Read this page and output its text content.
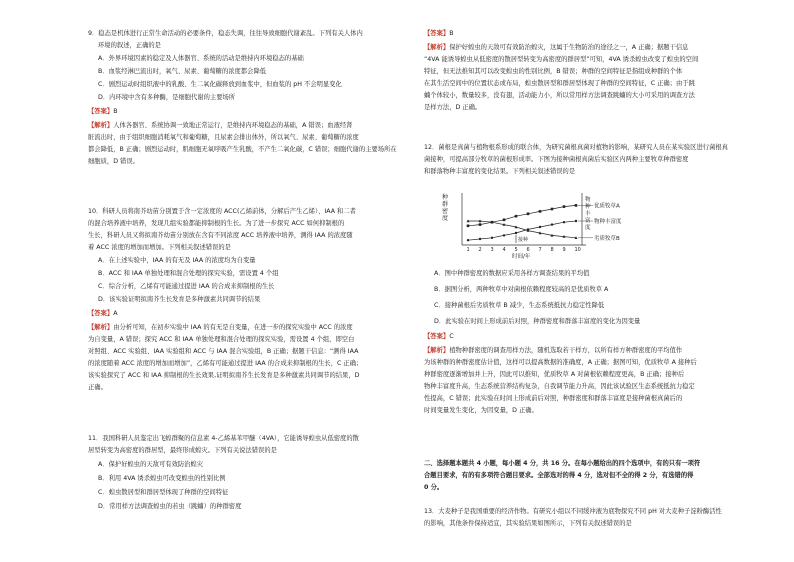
9．稳态是机体进行正常生命活动的必要条件，稳态失调，往往导致细胞代谢紊乱。下列有关人体内
环境的叙述，正确的是
A．外界环境因素的稳定及人体器官、系统的活动是维持内环境稳态的基础
B．血浆经淋巴流出时，氧气、尿素、葡萄糖的浓度都会降低
C．剧烈运动时组织液中的乳酸、生二氧化碳释放到血浆中，但血浆的 pH 不会明显变化
D．内环境中含有多种酶，是细胞代谢的主要场所
【答案】B
【解析】人体各器官、系统协调一致地正常运行，是维持内环境稳态的基础，A 错误；血液经肾
脏流出时，由于组织细胞消耗氧气和葡萄糖，且尿素会排出体外，所以氧气、尿素、葡萄糖的浓度
都会降低，B 正确；剧烈运动时，肌细胞无氧呼吸产生乳酸，不产生二氧化碳，C 错误；细胞代谢的主要场所在
细胞质，D 错误。
10．科研人员将南芥幼苗分别置于含一定浓度的 ACC(乙烯前体，分解后产生乙烯）、IAA 和二者
的混合培养液中培养，发现几组实验都能抑制根的生长。为了进一步探究 ACC 如何抑制根的
生长，科研人员又将拟南芥幼苗分别放在含有不同浓度 ACC 培养液中培养，测得 IAA 的浓度随
着 ACC 浓度的增加而增加。下列相关叙述错误的是
A．在上述实验中，IAA 的有无及 IAA 的浓度均为自变量
B．ACC 和 IAA 单独处理和混合处理的探究实验，需设置 4 个组
C．综合分析，乙烯有可能通过提进 IAA 的合成来抑制根的生长
D．该实验证明拟南芥生长发育是多种激素共同调节的结果
【答案】A
【解析】由分析可知，在初步实验中 IAA 的有无是自变量，在进一步的探究实验中 ACC 的浓度
为自变量，A 错误；探究 ACC 和 IAA 单独处理和混合处理的探究实验，需设置 4 个组，即空白
对照组、ACC 实验组、IAA 实验组和 ACC 与 IAA 混合实验组，B 正确；据题干信息：“测得 IAA
的浓度随着 ACC 浓度的增加而增加”，乙烯有可能通过提进 IAA 的合成来抑制根的生长，C 正确；
该实验探究了 ACC 和 IAA 抑制根的生长效果,证明拟南芥生长发育是多种激素共同调节的结果，D
正确。
11．我国科研人员鉴定出飞蝗群聚的信息素 4-乙烯基苯甲醚（4VA），它能诱导蝗虫从低密度的散
居型转变为高密度的群居型，最终形成蝗灾。下列有关说法错误的是
A．保护好蝗虫的天敌可有效防治蝗灾
B．利用 4VA 诱杀蝗虫可改变蝗虫的性别比例
C．蝗虫散居型和群居型体现了种群的空间特征
D．常用样方法调查蝗虫的若虫（跳蝻）的种群密度
【答案】B
【解析】保护好蝗虫的天敌可有效防治蝗灾，这属于生物防治的途径之一，A 正确；据题干信息
“4VA 能诱导蝗虫从低密度的散居型转变为高密度的群居型”可知，4VA 诱杀蝗虫改变了蝗虫的空间
特征，但无法推知其可以改变蝗虫的性别比例，B 错误；种群的空间特征是指组成种群的个体
在其生活空间中的位置状态或布局，蝗虫散居型和群居型体现了种群的空间特征，C 正确；由于跳
蝻个体较小，数量较多，没有翅，活动能力小，所以常用样方法调查跳蝻的大小可采用的调查方法
是样方法，D 正确。
12．菌根是真菌与植物根系形成的联合体，为研究菌根真菌对植物的影响，某研究人员在某实验区进行菌根真
菌接种，可提高部分牧草的菌根形成率。下图为接种菌根真菌后实验区内两种主要牧草种群密度
和群落物种丰富度的变化结果。下列相关叙述错误的是
种
群
密
度
物
种
丰
富
度
1 2 3 4 5 6 7 8 9 10
时间/年
接种
优质牧草A
劣质牧草B
物种丰富度
A．图中种群密度的数据应采用各样方调查结果的平均值
B．据图分析，两种牧草中对菌根依赖程度较高的是优质牧草 A
C．接种菌根后劣质牧草 B 减少，生态系统抵抗力稳定性降低
D．此实验在时间上形成前后对照，种群密度和群落丰富度的变化为因变量
【答案】C
【解析】植物种群密度的调查用样方法，随机选取若干样方，以所有样方种群密度的平均值作
为该种群的种群密度估计值，这样可以提高数据的准确度，A 正确；据图可知，优质牧草 A 接种后
种群密度逐渐增加并上升，因此可以推知，优质牧草 A 对菌根依赖程度更高，B 正确；接种后
物种丰富度升高，生态系统营养结构复杂，自我调节能力升高，因此该试验区生态系统抵抗力稳定
性提高，C 错误；此实验在时间上形成前后对照，种群密度和群落丰富度是接种菌根真菌后的
时间变量发生变化，为因变量，D 正确。
二、选择题本题共 4 小题，每小题 4 分，共 16 分。在每小题给出的四个选项中，有的只有一项符
合题目要求，有的有多项符合题目要求。全部选对的得 4 分，选对但不全的得 2 分，有选错的得
0 分。
13．大麦种子是我国重要的经济作物。有研究小组以不同缓冲液为底物探究不同 pH 对大麦种子淀粉酶活性
的影响，其他条件保持适宜，其实验结果如图所示，下列有关叙述错误的是
